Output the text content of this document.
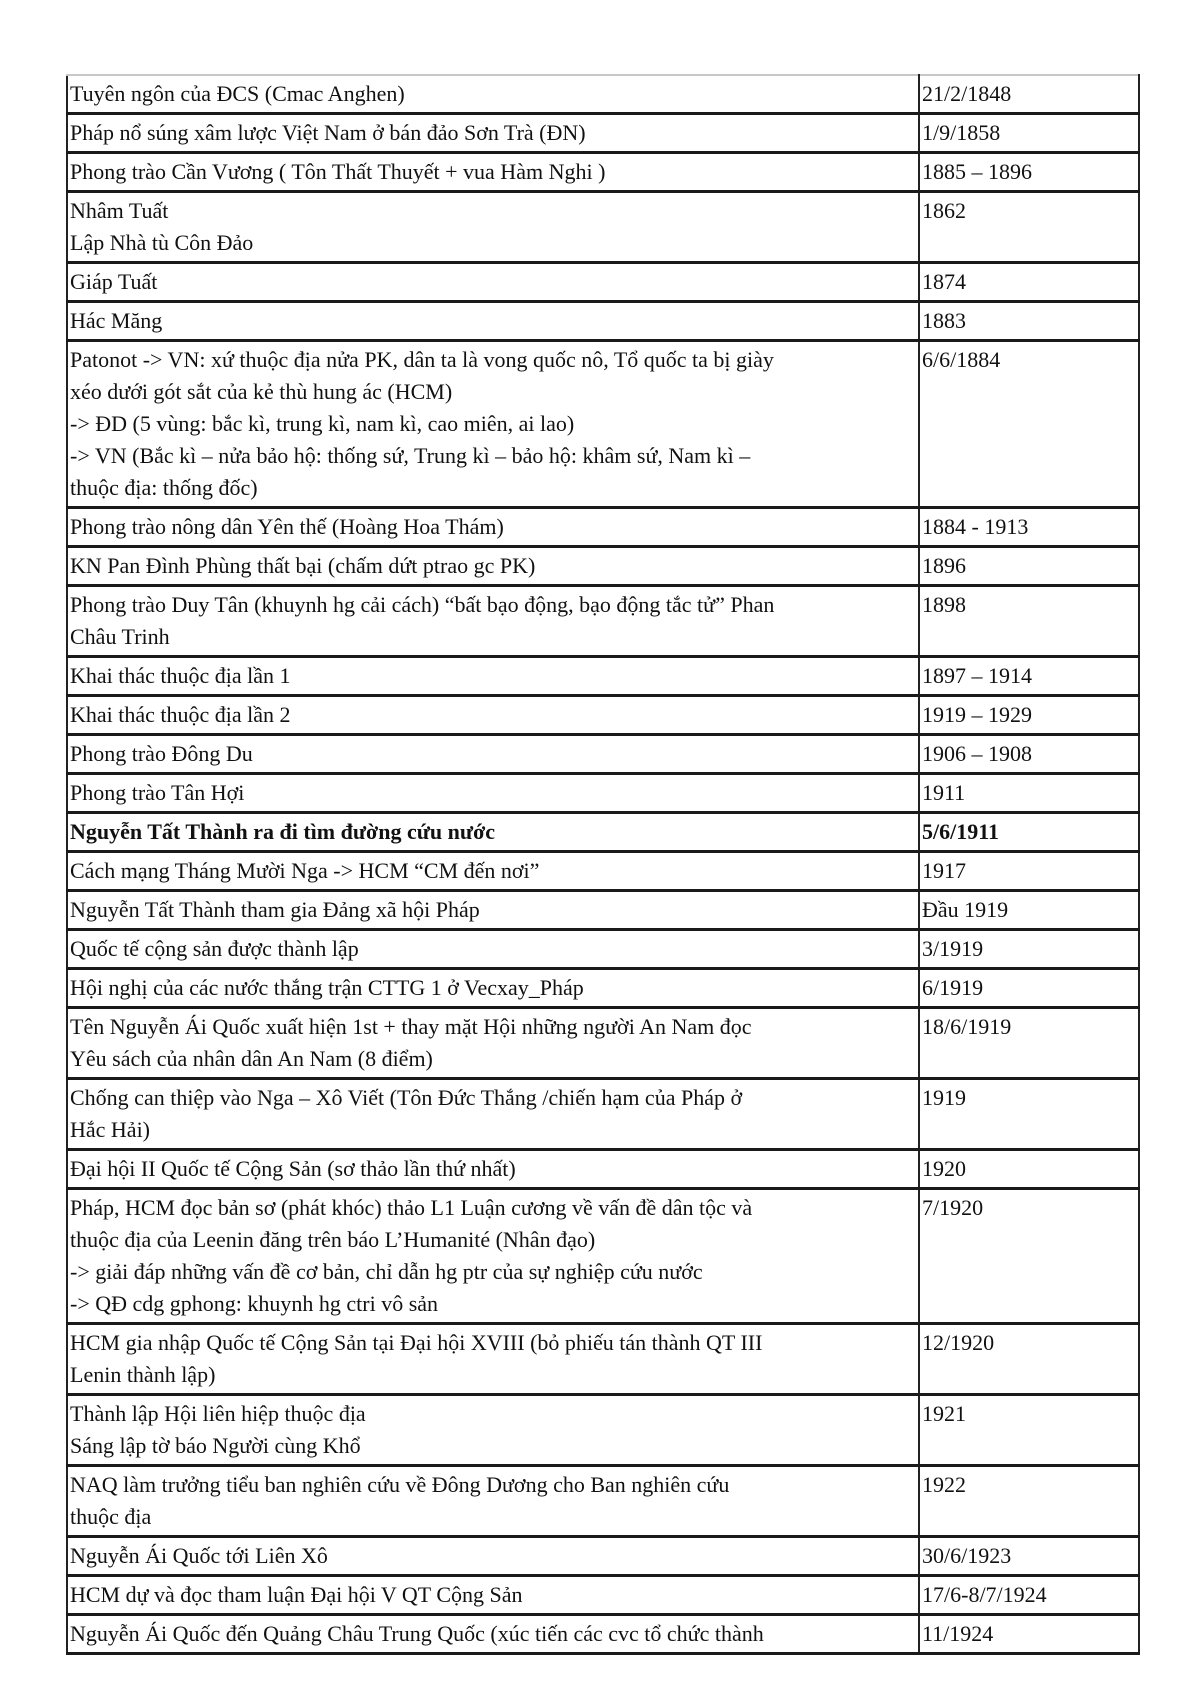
Tuyên ngôn của ĐCS (Cmac Anghen)	21/2/1848
Pháp nổ súng xâm lược Việt Nam ở bán đảo Sơn Trà (ĐN)	1/9/1858
Phong trào Cần Vương ( Tôn Thất Thuyết + vua Hàm Nghi )	1885 – 1896
Nhâm Tuất
Lập Nhà tù Côn Đảo	1862
Giáp Tuất	1874
Hác Măng	1883
Patonot -> VN: xứ thuộc địa nửa PK, dân ta là vong quốc nô, Tổ quốc ta bị giày
xéo dưới gót sắt của kẻ thù hung ác (HCM)
-> ĐD (5 vùng: bắc kì, trung kì, nam kì, cao miên, ai lao)
-> VN (Bắc kì – nửa bảo hộ: thống sứ, Trung kì – bảo hộ: khâm sứ, Nam kì –
thuộc địa: thống đốc)	6/6/1884
Phong trào nông dân Yên thế (Hoàng Hoa Thám)	1884 - 1913
KN Pan Đình Phùng thất bại (chấm dứt ptrao gc PK)	1896
Phong trào Duy Tân (khuynh hg cải cách) “bất bạo động, bạo động tắc tử” Phan
Châu Trinh	1898
Khai thác thuộc địa lần 1	1897 – 1914
Khai thác thuộc địa lần 2	1919 – 1929
Phong trào Đông Du	1906 – 1908
Phong trào Tân Hợi	1911
Nguyễn Tất Thành ra đi tìm đường cứu nước	5/6/1911
Cách mạng Tháng Mười Nga -> HCM “CM đến nơi”	1917
Nguyễn Tất Thành tham gia Đảng xã hội Pháp	Đầu 1919
Quốc tế cộng sản được thành lập	3/1919
Hội nghị của các nước thắng trận CTTG 1 ở Vecxay_Pháp	6/1919
Tên Nguyễn Ái Quốc xuất hiện 1st + thay mặt Hội những người An Nam đọc
Yêu sách của nhân dân An Nam (8 điểm)	18/6/1919
Chống can thiệp vào Nga – Xô Viết (Tôn Đức Thắng /chiến hạm của Pháp ở
Hắc Hải)	1919
Đại hội II Quốc tế Cộng Sản (sơ thảo lần thứ nhất)	1920
Pháp, HCM đọc bản sơ (phát khóc) thảo L1 Luận cương về vấn đề dân tộc và
thuộc địa của Leenin đăng trên báo L’Humanité (Nhân đạo)
-> giải đáp những vấn đề cơ bản, chỉ dẫn hg ptr của sự nghiệp cứu nước
-> QĐ cdg gphong: khuynh hg ctri vô sản	7/1920
HCM gia nhập Quốc tế Cộng Sản tại Đại hội XVIII (bỏ phiếu tán thành QT III
Lenin thành lập)	12/1920
Thành lập Hội liên hiệp thuộc địa
Sáng lập tờ báo Người cùng Khổ	1921
NAQ làm trưởng tiểu ban nghiên cứu về Đông Dương cho Ban nghiên cứu
thuộc địa	1922
Nguyễn Ái Quốc tới Liên Xô	30/6/1923
HCM dự và đọc tham luận Đại hội V QT Cộng Sản	17/6-8/7/1924
Nguyễn Ái Quốc đến Quảng Châu Trung Quốc (xúc tiến các cvc tổ chức thành	11/1924
